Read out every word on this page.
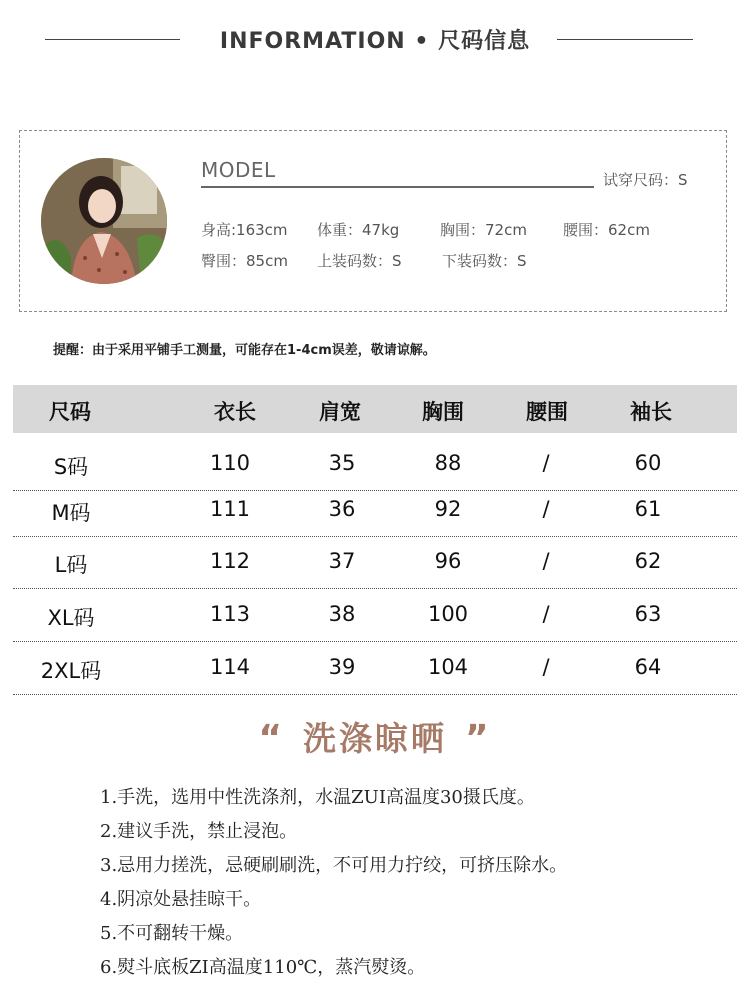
INFORMATION • 尺码信息
MODEL	试穿尺码：S
身高:163cm 体重：47kg	胸围：72cm 腰围：62cm
臀围：85cm 上装码数：S	下装码数：S
提醒：由于采用平铺手工测量，可能存在1-4cm误差，敬请谅解。
尺码	衣长	肩宽	胸围	腰围	袖长
S码	110	35	88	/	60
M码	111	36	92	/	61
L码	112	37	96	/	62
XL码	113	38	100	/	63
2XL码	114	39	104	/	64
“ 洗涤晾晒 ”
1.手洗，选用中性洗涤剂，水温ZUI高温度30摄氏度。
2.建议手洗，禁止浸泡。
3.忌用力搓洗，忌硬刷刷洗，不可用力拧绞，可挤压除水。
4.阴凉处悬挂晾干。
5.不可翻转干燥。
6.熨斗底板ZI高温度110℃，蒸汽熨烫。
